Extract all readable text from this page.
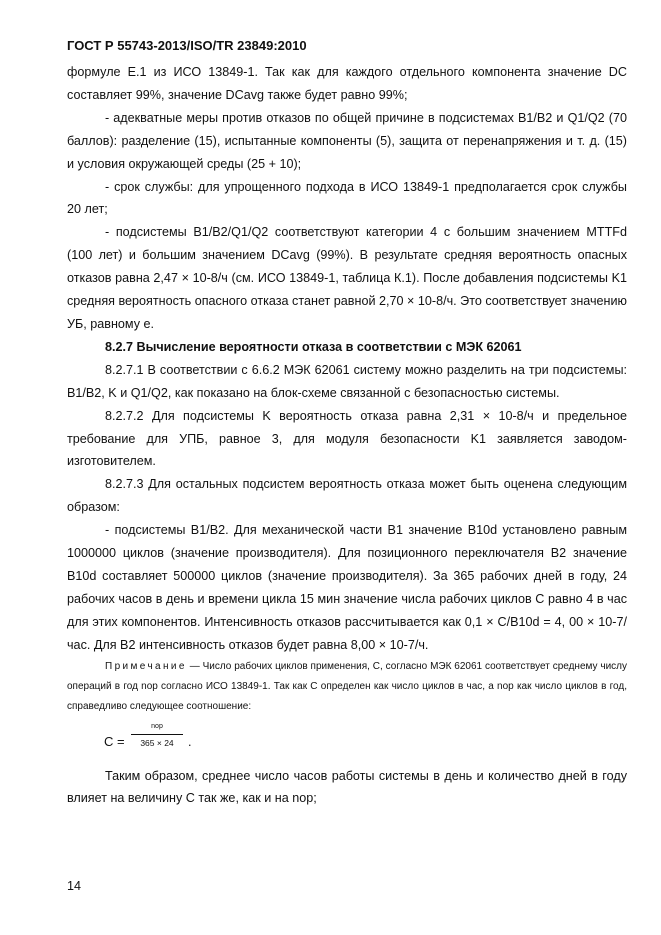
ГОСТ Р 55743-2013/ISO/TR 23849:2010

формуле Е.1 из ИСО 13849-1. Так как для каждого отдельного компонента значение DC составляет 99%, значение DCavg также будет равно 99%;

- адекватные меры против отказов по общей причине в подсистемах B1/B2 и Q1/Q2 (70 баллов): разделение (15), испытанные компоненты (5), защита от перенапряжения и т. д. (15) и условия окружающей среды (25 + 10);

- срок службы: для упрощенного подхода в ИСО 13849-1 предполагается срок службы 20 лет;

- подсистемы B1/B2/Q1/Q2 соответствуют категории 4 с большим значением MTTFd (100 лет) и большим значением DCavg (99%). В результате средняя вероятность опасных отказов равна 2,47 × 10-8/ч (см. ИСО 13849-1, таблица К.1). После добавления подсистемы K1 средняя вероятность опасного отказа станет равной 2,70 × 10-8/ч. Это соответствует значению УБ, равному e.

8.2.7 Вычисление вероятности отказа в соответствии с МЭК 62061

8.2.7.1 В соответствии с 6.6.2 МЭК 62061 систему можно разделить на три подсистемы: B1/B2, K и Q1/Q2, как показано на блок-схеме связанной с безопасностью системы.

8.2.7.2 Для подсистемы K вероятность отказа равна 2,31 × 10-8/ч и предельное требование для УПБ, равное 3, для модуля безопасности K1 заявляется заводом-изготовителем.

8.2.7.3 Для остальных подсистем вероятность отказа может быть оценена следующим образом:

- подсистемы B1/B2. Для механической части B1 значение B10d установлено равным 1000000 циклов (значение производителя). Для позиционного переключателя B2 значение B10d составляет 500000 циклов (значение производителя). За 365 рабочих дней в году, 24 рабочих часов в день и времени цикла 15 мин значение числа рабочих циклов C равно 4 в час для этих компонентов. Интенсивность отказов рассчитывается как 0,1 × C/B10d = 4, 00 × 10-7/час. Для B2 интенсивность отказов будет равна 8,00 × 10-7/ч.

Примечание — Число рабочих циклов применения, C, согласно МЭК 62061 соответствует среднему числу операций в год nop согласно ИСО 13849-1. Так как C определен как число циклов в час, а nop как число циклов в год, справедливо следующее соотношение:

C =
nop
365 × 24	.

Таким образом, среднее число часов работы системы в день и количество дней в году влияет на величину C так же, как и на nop;

14
